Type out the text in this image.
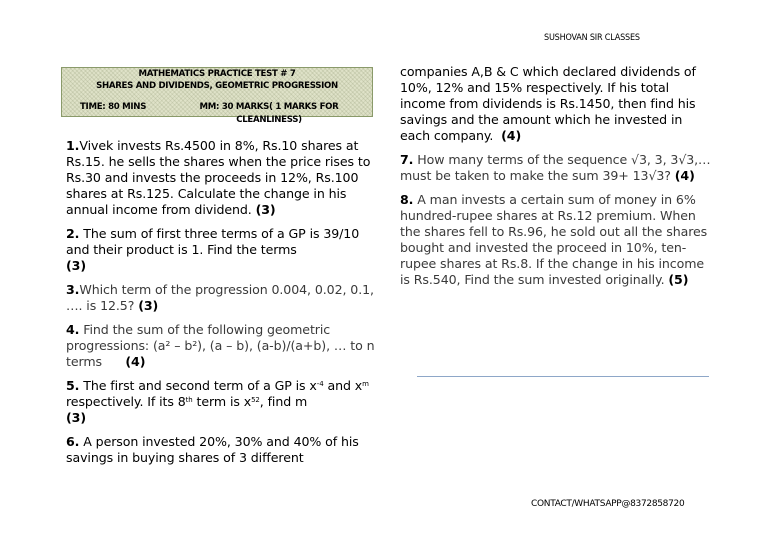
SUSHOVAN SIR CLASSES
MATHEMATICS PRACTICE TEST # 7
SHARES AND DIVIDENDS, GEOMETRIC PROGRESSION
TIME: 80 MINS	MM: 30 MARKS( 1 MARKS FOR CLEANLINESS)

1.Vivek invests Rs.4500 in 8%, Rs.10 shares at Rs.15. he sells the shares when the price rises to Rs.30 and invests the proceeds in 12%, Rs.100 shares at Rs.125. Calculate the change in his annual income from dividend. (3)

2. The sum of first three terms of a GP is 39/10 and their product is 1. Find the terms
(3)

3.Which term of the progression 0.004, 0.02, 0.1, …. is 12.5? (3)

4. Find the sum of the following geometric progressions: (a² – b²), (a – b), (a-b)/(a+b), … to n terms (4)

5. The first and second term of a GP is $x^{-4}$ and $x^m$ respectively. If its 8th term is $x^{52}$, find m
(3)

6. A person invested 20%, 30% and 40% of his savings in buying shares of 3 different

companies A,B & C which declared dividends of 10%, 12% and 15% respectively. If his total income from dividends is Rs.1450, then find his savings and the amount which he invested in each company. (4)

7. How many terms of the sequence √3, 3, 3√3,… must be taken to make the sum 39+ 13√3? (4)

8. A man invests a certain sum of money in 6% hundred-rupee shares at Rs.12 premium. When the shares fell to Rs.96, he sold out all the shares bought and invested the proceed in 10%, ten-rupee shares at Rs.8. If the change in his income is Rs.540, Find the sum invested originally. (5)

CONTACT/WHATSAPP@8372858720
